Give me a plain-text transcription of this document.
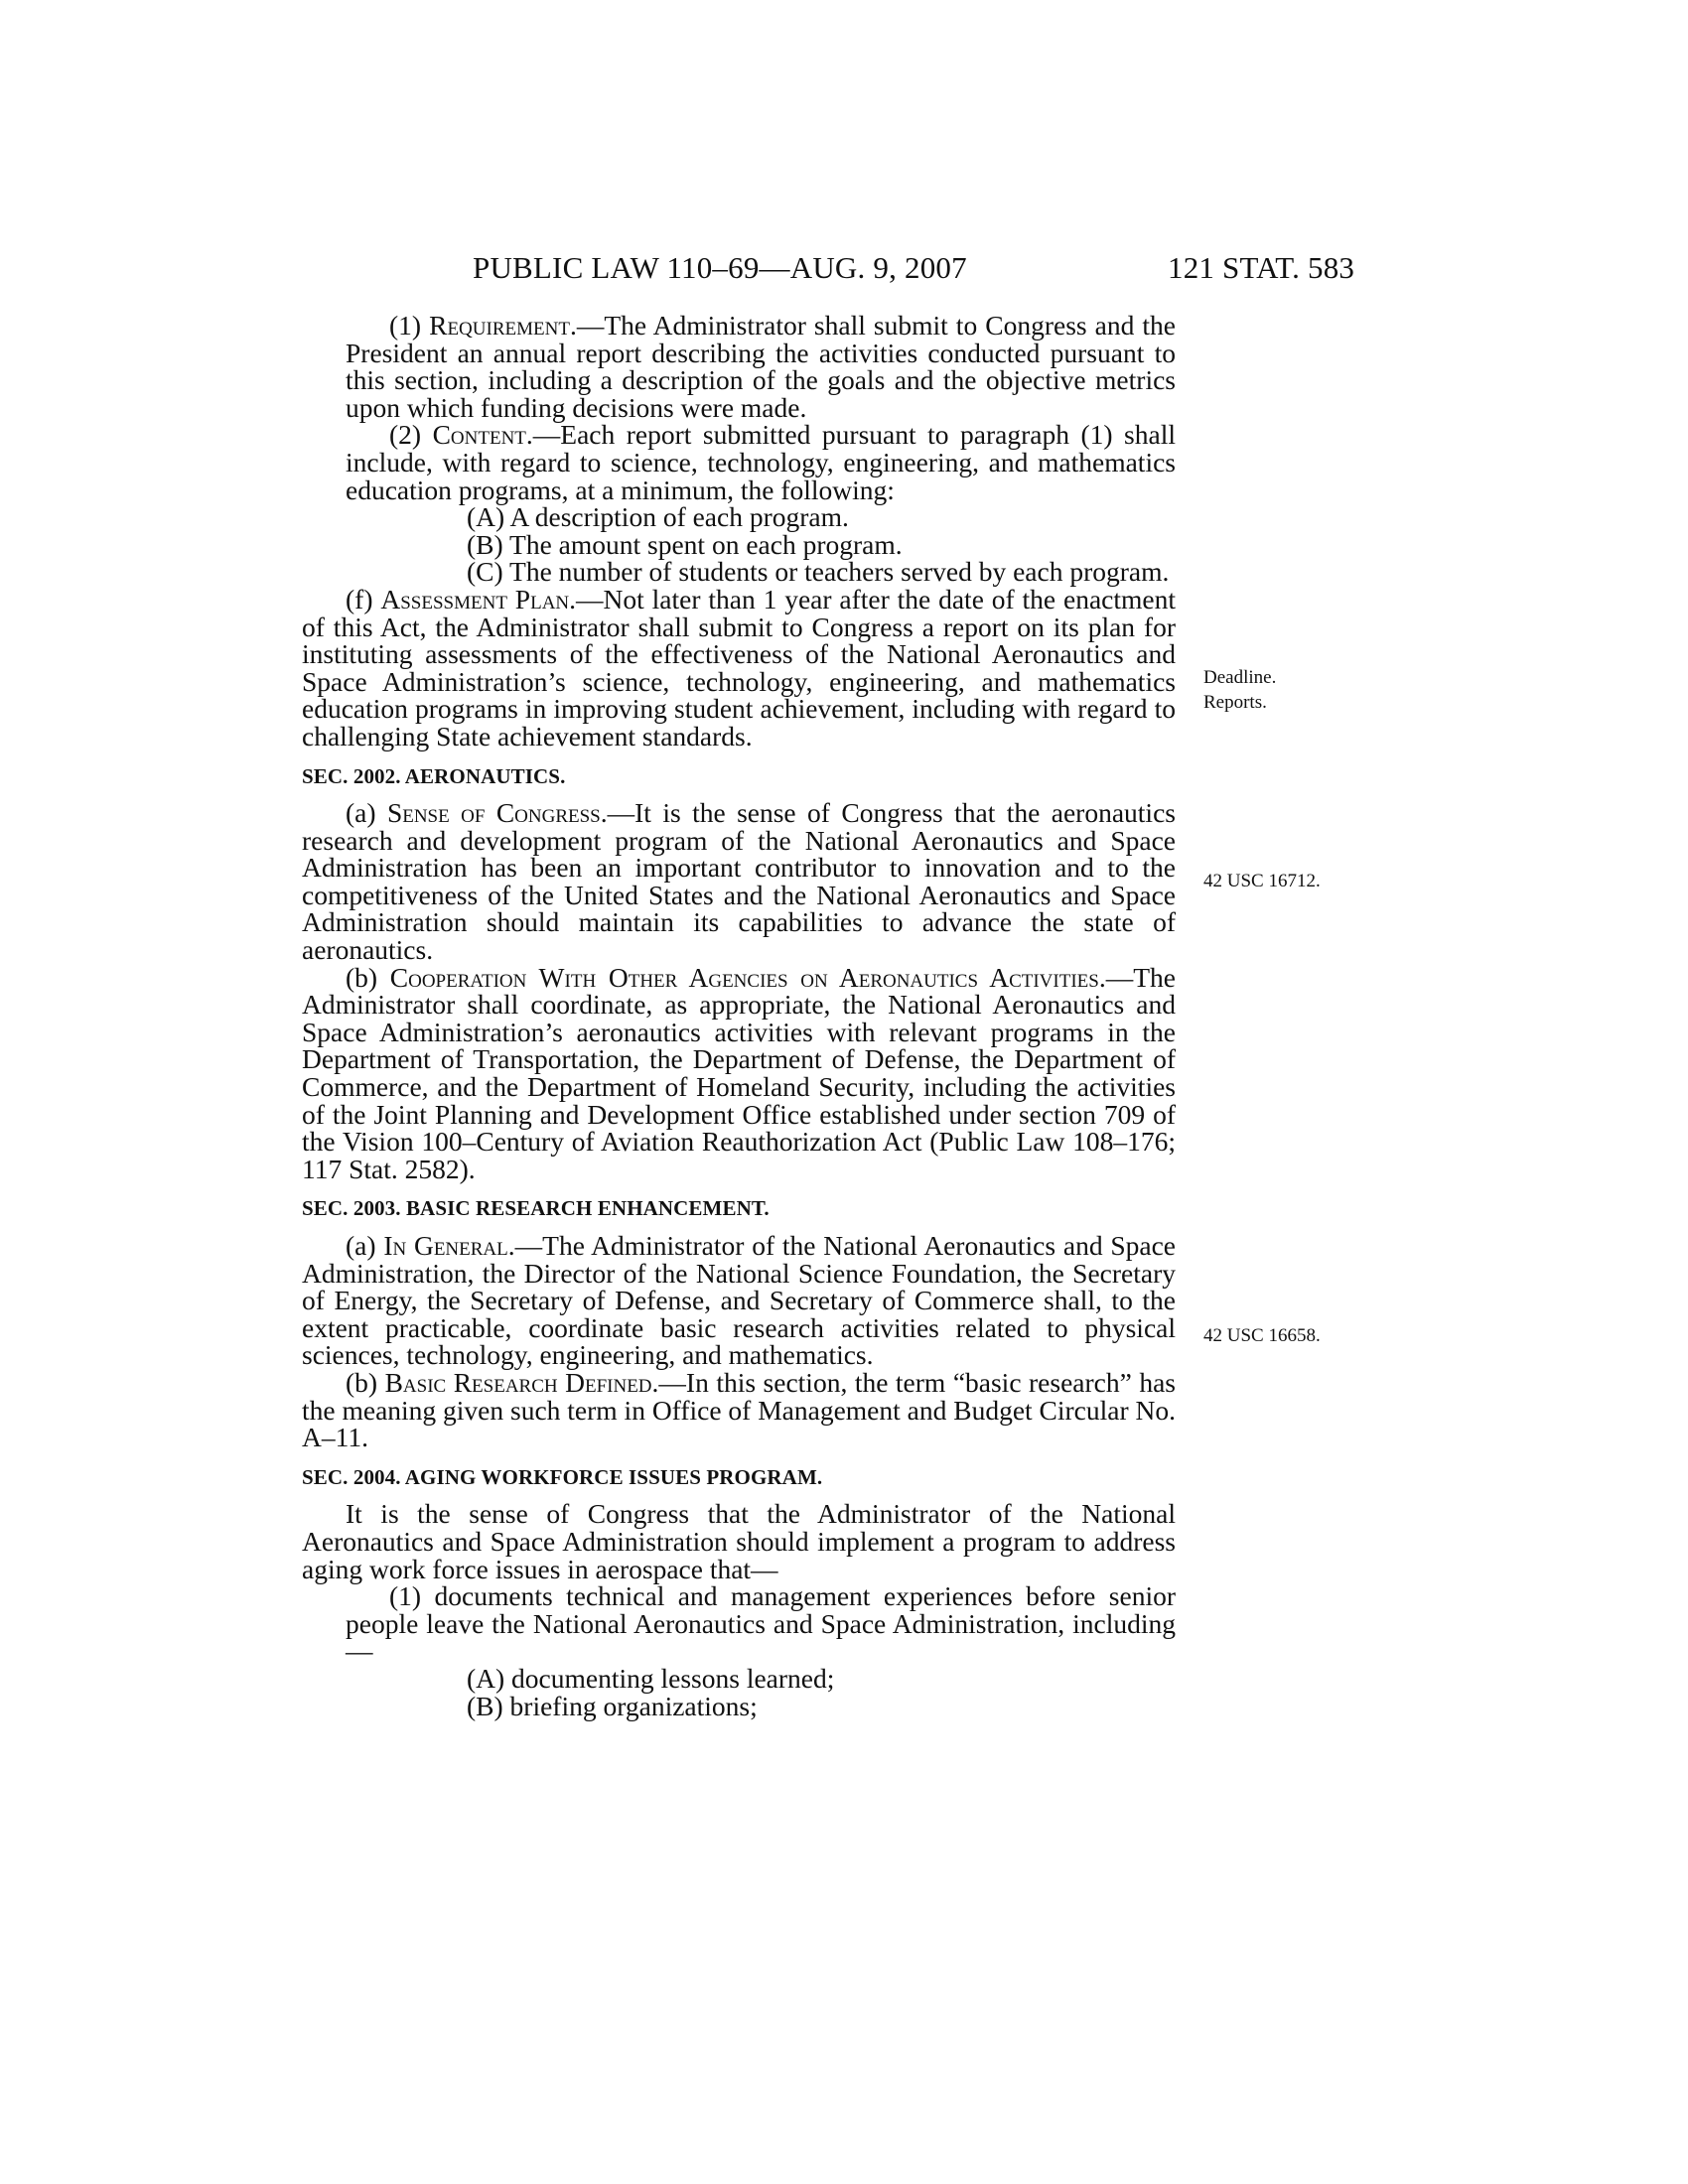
PUBLIC LAW 110–69—AUG. 9, 2007	121 STAT. 583

(1) Requirement.—The Administrator shall submit to Congress and the President an annual report describing the activities conducted pursuant to this section, including a description of the goals and the objective metrics upon which funding decisions were made.

(2) Content.—Each report submitted pursuant to paragraph (1) shall include, with regard to science, technology, engineering, and mathematics education programs, at a minimum, the following:

(A) A description of each program.

(B) The amount spent on each program.

(C) The number of students or teachers served by each program.

(f) Assessment Plan.—Not later than 1 year after the date of the enactment of this Act, the Administrator shall submit to Congress a report on its plan for instituting assessments of the effectiveness of the National Aeronautics and Space Administration’s science, technology, engineering, and mathematics education programs in improving student achievement, including with regard to challenging State achievement standards.

SEC. 2002. AERONAUTICS.

(a) Sense of Congress.—It is the sense of Congress that the aeronautics research and development program of the National Aeronautics and Space Administration has been an important contributor to innovation and to the competitiveness of the United States and the National Aeronautics and Space Administration should maintain its capabilities to advance the state of aeronautics.

(b) Cooperation With Other Agencies on Aeronautics Activities.—The Administrator shall coordinate, as appropriate, the National Aeronautics and Space Administration’s aeronautics activities with relevant programs in the Department of Transportation, the Department of Defense, the Department of Commerce, and the Department of Homeland Security, including the activities of the Joint Planning and Development Office established under section 709 of the Vision 100–Century of Aviation Reauthorization Act (Public Law 108–176; 117 Stat. 2582).

SEC. 2003. BASIC RESEARCH ENHANCEMENT.

(a) In General.—The Administrator of the National Aeronautics and Space Administration, the Director of the National Science Foundation, the Secretary of Energy, the Secretary of Defense, and Secretary of Commerce shall, to the extent practicable, coordinate basic research activities related to physical sciences, technology, engineering, and mathematics.

(b) Basic Research Defined.—In this section, the term “basic research” has the meaning given such term in Office of Management and Budget Circular No. A–11.

SEC. 2004. AGING WORKFORCE ISSUES PROGRAM.

It is the sense of Congress that the Administrator of the National Aeronautics and Space Administration should implement a program to address aging work force issues in aerospace that—

(1) documents technical and management experiences before senior people leave the National Aeronautics and Space Administration, including—

(A) documenting lessons learned;

(B) briefing organizations;

Deadline.
Reports.
42 USC 16712.
42 USC 16658.
